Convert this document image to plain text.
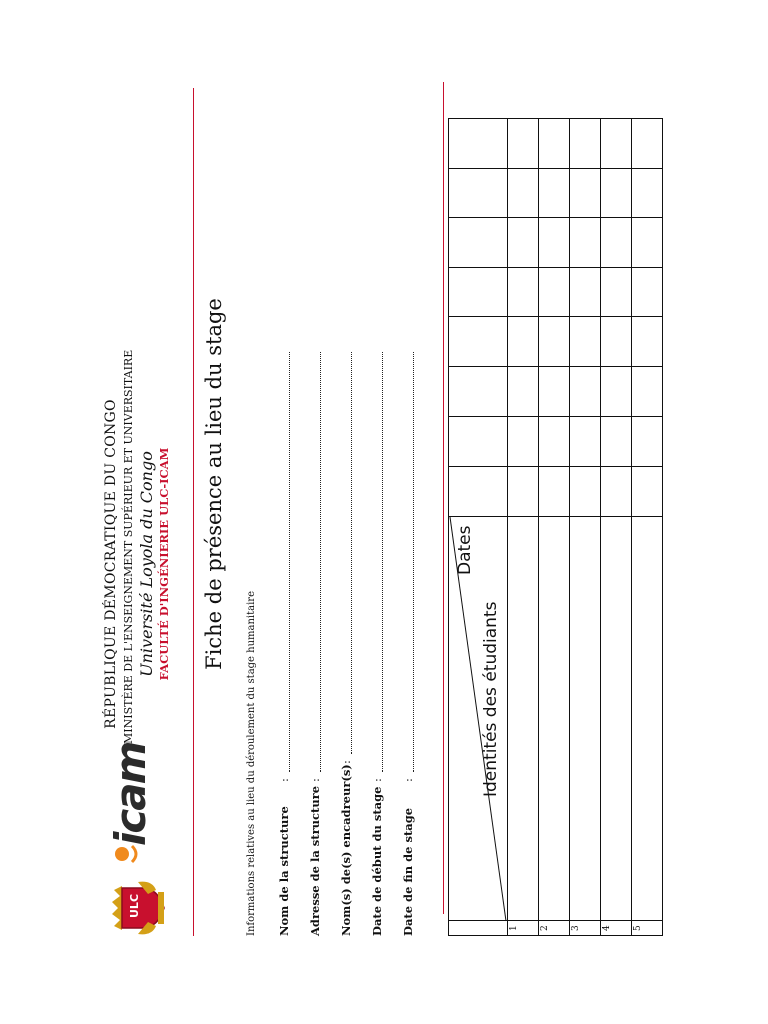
ULC
icam
RÉPUBLIQUE DÉMOCRATIQUE DU CONGO MINISTÈRE DE L'ENSEIGNEMENT SUPÉRIEUR ET UNIVERSITAIRE Université Loyola du Congo FACULTÉ D'INGÉNIERIE ULC-ICAM Fiche de présence au lieu du stage
Informations relatives au lieu du déroulement du stage humanitaire Nom de la structure
:
Adresse de la structure
: Nom(s) de(s) encadreur(s)
:
Date de début du stage
:
Date de fin de stage
:
Dates
Identités des étudiants
1 2 3 4 5
